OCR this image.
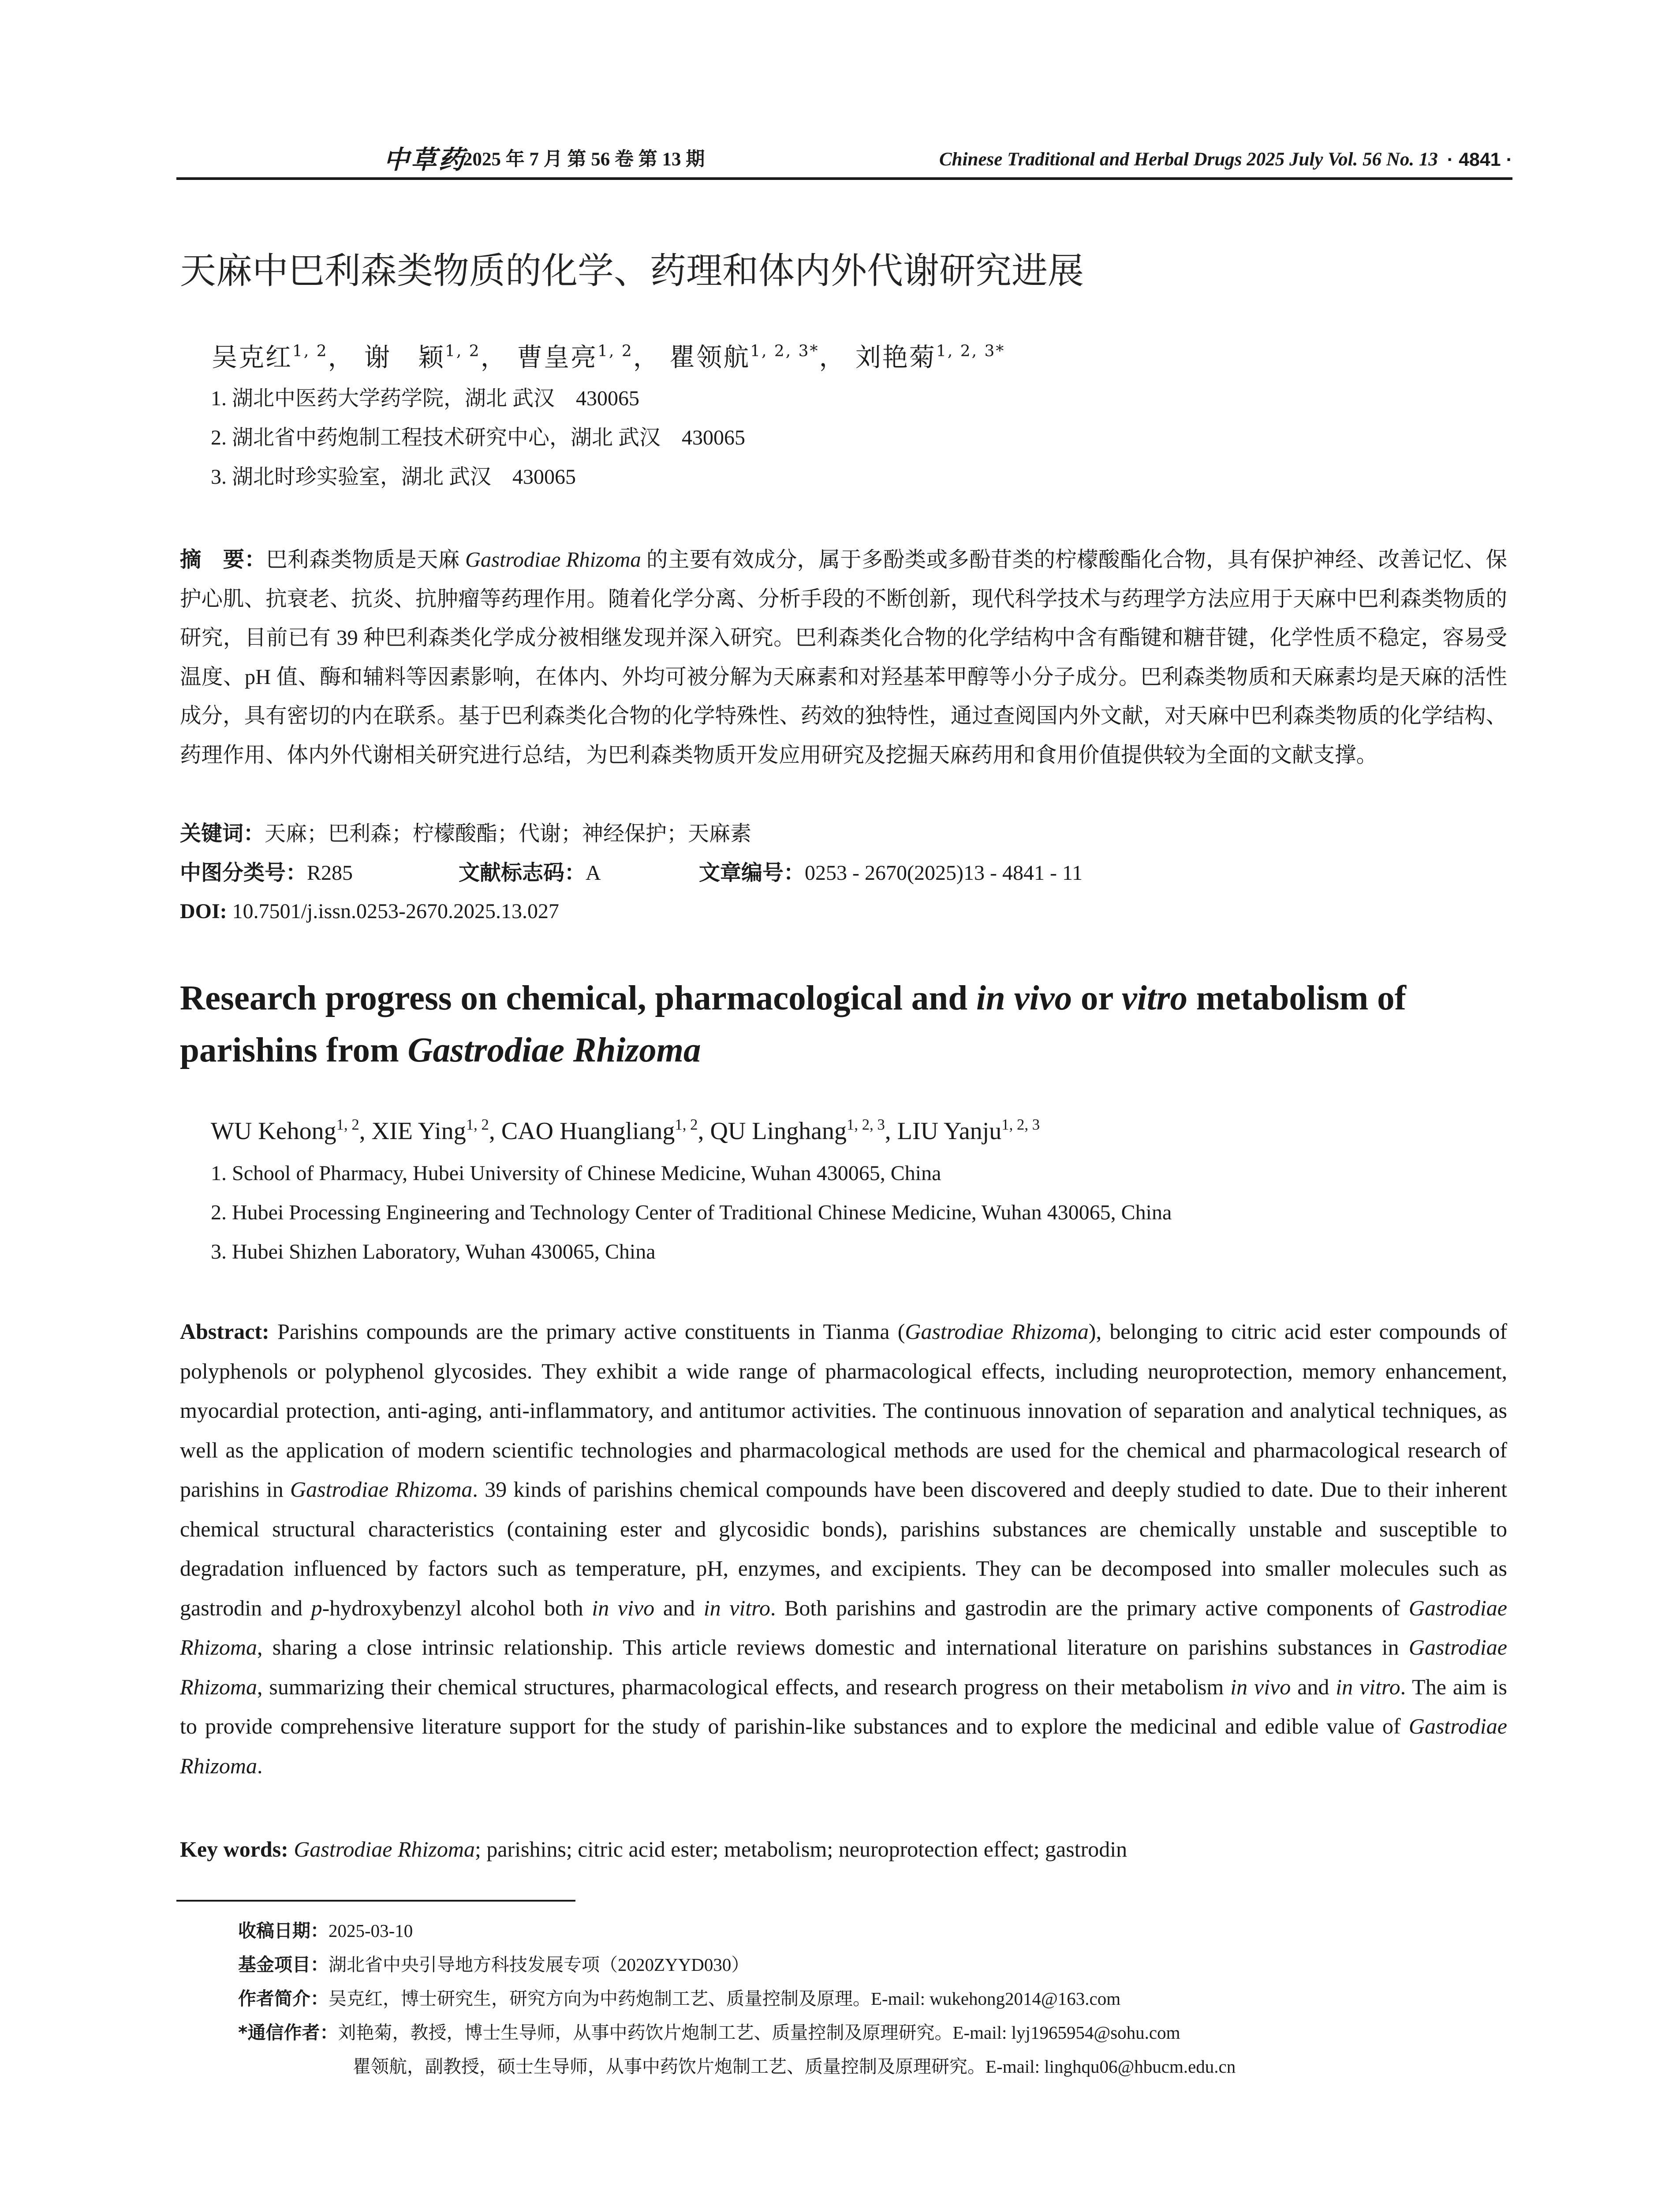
中草药
2025 年 7 月 第 56 卷 第 13 期	Chinese Traditional and Herbal Drugs 2025 July Vol. 56 No. 13 · 4841 ·
天麻中巴利森类物质的化学、药理和体内外代谢研究进展
吴克红$^{1, 2}$， 谢　颖$^{1, 2}$， 曹皇亮$^{1, 2}$， 瞿领航$^{1, 2, 3*}$， 刘艳菊$^{1, 2, 3*}$
1. 湖北中医药大学药学院，湖北 武汉　430065
2. 湖北省中药炮制工程技术研究中心，湖北 武汉　430065
3. 湖北时珍实验室，湖北 武汉　430065
摘　要：巴利森类物质是天麻 Gastrodiae Rhizoma 的主要有效成分，属于多酚类或多酚苷类的柠檬酸酯化合物，具有保护神经、改善记忆、保护心肌、抗衰老、抗炎、抗肿瘤等药理作用。随着化学分离、分析手段的不断创新，现代科学技术与药理学方法应用于天麻中巴利森类物质的研究，目前已有 39 种巴利森类化学成分被相继发现并深入研究。巴利森类化合物的化学结构中含有酯键和糖苷键，化学性质不稳定，容易受温度、pH 值、酶和辅料等因素影响，在体内、外均可被分解为天麻素和对羟基苯甲醇等小分子成分。巴利森类物质和天麻素均是天麻的活性成分，具有密切的内在联系。基于巴利森类化合物的化学特殊性、药效的独特性，通过查阅国内外文献，对天麻中巴利森类物质的化学结构、药理作用、体内外代谢相关研究进行总结，为巴利森类物质开发应用研究及挖掘天麻药用和食用价值提供较为全面的文献支撑。
关键词：天麻；巴利森；柠檬酸酯；代谢；神经保护；天麻素
中图分类号：R285	文献标志码：A	文章编号：0253 - 2670(2025)13 - 4841 - 11
DOI: 10.7501/j.issn.0253-2670.2025.13.027
Research progress on chemical, pharmacological and in vivo or vitro metabolism of parishins from Gastrodiae Rhizoma
WU Kehong$^{1, 2}$, XIE Ying$^{1, 2}$, CAO Huangliang$^{1, 2}$, QU Linghang$^{1, 2, 3}$, LIU Yanju$^{1, 2, 3}$
1. School of Pharmacy, Hubei University of Chinese Medicine, Wuhan 430065, China
2. Hubei Processing Engineering and Technology Center of Traditional Chinese Medicine, Wuhan 430065, China
3. Hubei Shizhen Laboratory, Wuhan 430065, China
Abstract: Parishins compounds are the primary active constituents in Tianma (Gastrodiae Rhizoma), belonging to citric acid ester compounds of polyphenols or polyphenol glycosides. They exhibit a wide range of pharmacological effects, including neuroprotection, memory enhancement, myocardial protection, anti-aging, anti-inflammatory, and antitumor activities. The continuous innovation of separation and analytical techniques, as well as the application of modern scientific technologies and pharmacological methods are used for the chemical and pharmacological research of parishins in Gastrodiae Rhizoma. 39 kinds of parishins chemical compounds have been discovered and deeply studied to date. Due to their inherent chemical structural characteristics (containing ester and glycosidic bonds), parishins substances are chemically unstable and susceptible to degradation influenced by factors such as temperature, pH, enzymes, and excipients. They can be decomposed into smaller molecules such as gastrodin and p-hydroxybenzyl alcohol both in vivo and in vitro. Both parishins and gastrodin are the primary active components of Gastrodiae Rhizoma, sharing a close intrinsic relationship. This article reviews domestic and international literature on parishins substances in Gastrodiae Rhizoma, summarizing their chemical structures, pharmacological effects, and research progress on their metabolism in vivo and in vitro. The aim is to provide comprehensive literature support for the study of parishin-like substances and to explore the medicinal and edible value of Gastrodiae Rhizoma.
Key words: Gastrodiae Rhizoma; parishins; citric acid ester; metabolism; neuroprotection effect; gastrodin
收稿日期：2025-03-10
基金项目：湖北省中央引导地方科技发展专项（2020ZYYD030）
作者简介：吴克红，博士研究生，研究方向为中药炮制工艺、质量控制及原理。E-mail: wukehong2014@163.com
*通信作者：刘艳菊，教授，博士生导师，从事中药饮片炮制工艺、质量控制及原理研究。E-mail: lyj1965954@sohu.com
瞿领航，副教授，硕士生导师，从事中药饮片炮制工艺、质量控制及原理研究。E-mail: linghqu06@hbucm.edu.cn
